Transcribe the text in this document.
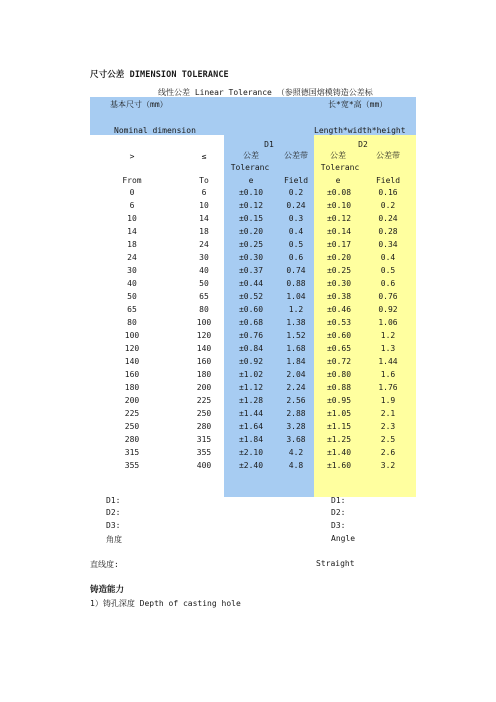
尺寸公差 DIMENSION TOLERANCE
线性公差 Linear Tolerance （参照德国熔模铸造公差标
基本尺寸（mm）	长*宽*高（mm）
Nominal dimension	Length*width*height
D1	D2
>	≤	公差	公差带	公差	公差带
Toleranc	Toleranc
From	To	e	Field	e	Field
0	6	±0.10	0.2	±0.08	0.16
6	10	±0.12	0.24	±0.10	0.2
10	14	±0.15	0.3	±0.12	0.24
14	18	±0.20	0.4	±0.14	0.28
18	24	±0.25	0.5	±0.17	0.34
24	30	±0.30	0.6	±0.20	0.4
30	40	±0.37	0.74	±0.25	0.5
40	50	±0.44	0.88	±0.30	0.6
50	65	±0.52	1.04	±0.38	0.76
65	80	±0.60	1.2	±0.46	0.92
80	100	±0.68	1.38	±0.53	1.06
100	120	±0.76	1.52	±0.60	1.2
120	140	±0.84	1.68	±0.65	1.3
140	160	±0.92	1.84	±0.72	1.44
160	180	±1.02	2.04	±0.80	1.6
180	200	±1.12	2.24	±0.88	1.76
200	225	±1.28	2.56	±0.95	1.9
225	250	±1.44	2.88	±1.05	2.1
250	280	±1.64	3.28	±1.15	2.3
280	315	±1.84	3.68	±1.25	2.5
315	355	±2.10	4.2	±1.40	2.6
355	400	±2.40	4.8	±1.60	3.2
D1:
D2:
D3:
角度
D1:
D2:
D3:
Angle
直线度:	Straight
铸造能力
1）铸孔深度 Depth of casting hole
